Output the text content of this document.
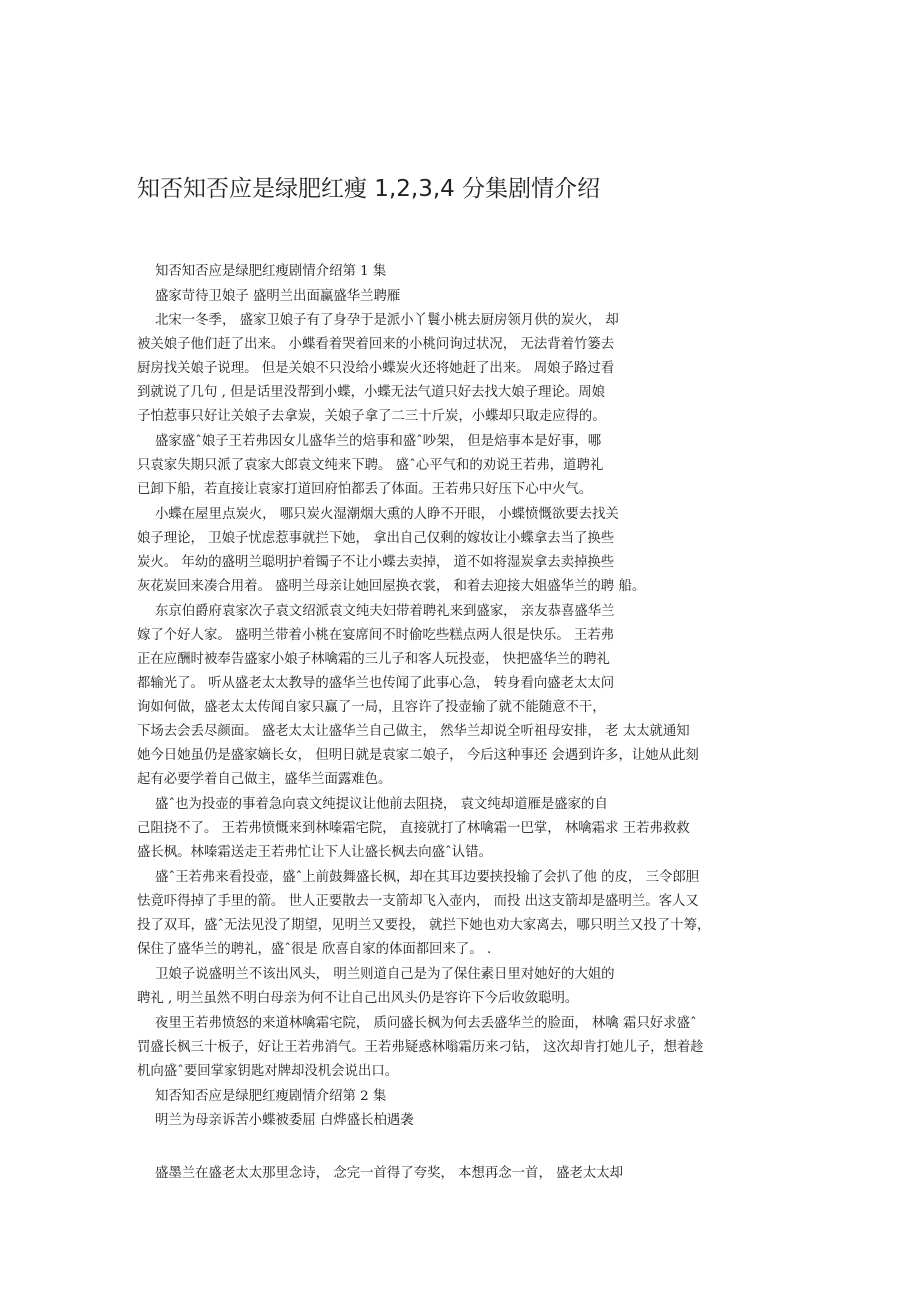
知否知否应是绿肥红瘦 1,2,3,4 分集剧情介绍
知否知否应是绿肥红瘦剧情介绍第 1 集
盛家苛待卫娘子 盛明兰出面赢盛华兰聘雁
北宋一冬季， 盛家卫娘子有了身孕于是派小丫鬟小桃去厨房领月供的炭火， 却
被关娘子他们赶了出来。 小蝶看着哭着回来的小桃问询过状况， 无法背着竹篓去
厨房找关娘子说理。 但是关娘不只没给小蝶炭火还将她赶了出来。 周娘子路过看
到就说了几句 , 但是话里没帮到小蝶，小蝶无法气道只好去找大娘子理论。周娘
子怕惹事只好让关娘子去拿炭，关娘子拿了二三十斤炭，小蝶却只取走应得的。
盛家盛ˆ娘子王若弗因女儿盛华兰的焙事和盛ˆ吵架， 但是焙事本是好事，哪
只袁家失期只派了袁家大郎袁文纯来下聘。 盛ˆ心平气和的劝说王若弗，道聘礼
已卸下船，若直接让袁家打道回府怕都丢了体面。王若弗只好压下心中火气。
小蝶在屋里点炭火， 哪只炭火湿潮烟大熏的人睁不开眼， 小蝶愤慨欲要去找关
娘子理论， 卫娘子忧虑惹事就拦下她， 拿出自己仅剩的嫁妆让小蝶拿去当了换些
炭火。 年幼的盛明兰聪明护着镯子不让小蝶去卖掉， 道不如将湿炭拿去卖掉换些
灰花炭回来凑合用着。 盛明兰母亲让她回屋换衣裳， 和着去迎接大姐盛华兰的聘 船。
东京伯爵府袁家次子袁文绍派袁文纯夫妇带着聘礼来到盛家， 亲友恭喜盛华兰
嫁了个好人家。 盛明兰带着小桃在宴席间不时偷吃些糕点两人很是快乐。 王若弗
正在应酬时被奉告盛家小娘子林噙霜的三儿子和客人玩投壶， 快把盛华兰的聘礼
都输光了。 听从盛老太太教导的盛华兰也传闻了此事心急， 转身看向盛老太太问
询如何做，盛老太太传闻自家只赢了一局，且容许了投壶输了就不能随意不干，
下场去会丢尽颜面。 盛老太太让盛华兰自己做主， 然华兰却说全听祖母安排， 老 太太就通知
她今日她虽仍是盛家嫡长女， 但明日就是袁家二娘子， 今后这种事还 会遇到许多，让她从此刻
起有必要学着自己做主，盛华兰面露难色。
盛ˆ也为投壶的事着急向袁文纯提议让他前去阻挠， 袁文纯却道雁是盛家的自
己阻挠不了。 王若弗愤慨来到林嗪霜宅院， 直接就打了林噙霜一巴掌， 林噙霜求 王若弗救救
盛长枫。林嗪霜送走王若弗忙让下人让盛长枫去向盛ˆ认错。
盛ˆ王若弗来看投壶，盛ˆ上前鼓舞盛长枫，却在其耳边要挟投输了会扒了他 的皮， 三令郎胆
怯竟吓得掉了手里的箭。 世人正要散去一支箭却飞入壶内， 而投 出这支箭却是盛明兰。客人又
投了双耳，盛ˆ无法见没了期望，见明兰又要投， 就拦下她也劝大家离去，哪只明兰又投了十筹，
保住了盛华兰的聘礼，盛ˆ很是 欣喜自家的体面都回来了。 .
卫娘子说盛明兰不该出风头， 明兰则道自己是为了保住素日里对她好的大姐的
聘礼 , 明兰虽然不明白母亲为何不让自己出风头仍是容许下今后收敛聪明。
夜里王若弗愤怒的来道林噙霜宅院， 质问盛长枫为何去丢盛华兰的脸面， 林噙 霜只好求盛ˆ
罚盛长枫三十板子，好让王若弗消气。王若弗疑惑林嗡霜历来刁钻， 这次却肯打她儿子，想着趁
机向盛ˆ要回掌家钥匙对牌却没机会说出口。
知否知否应是绿肥红瘦剧情介绍第 2 集
明兰为母亲诉苦小蝶被委屈 白烨盛长柏遇袭
盛墨兰在盛老太太那里念诗， 念完一首得了夸奖， 本想再念一首， 盛老太太却
